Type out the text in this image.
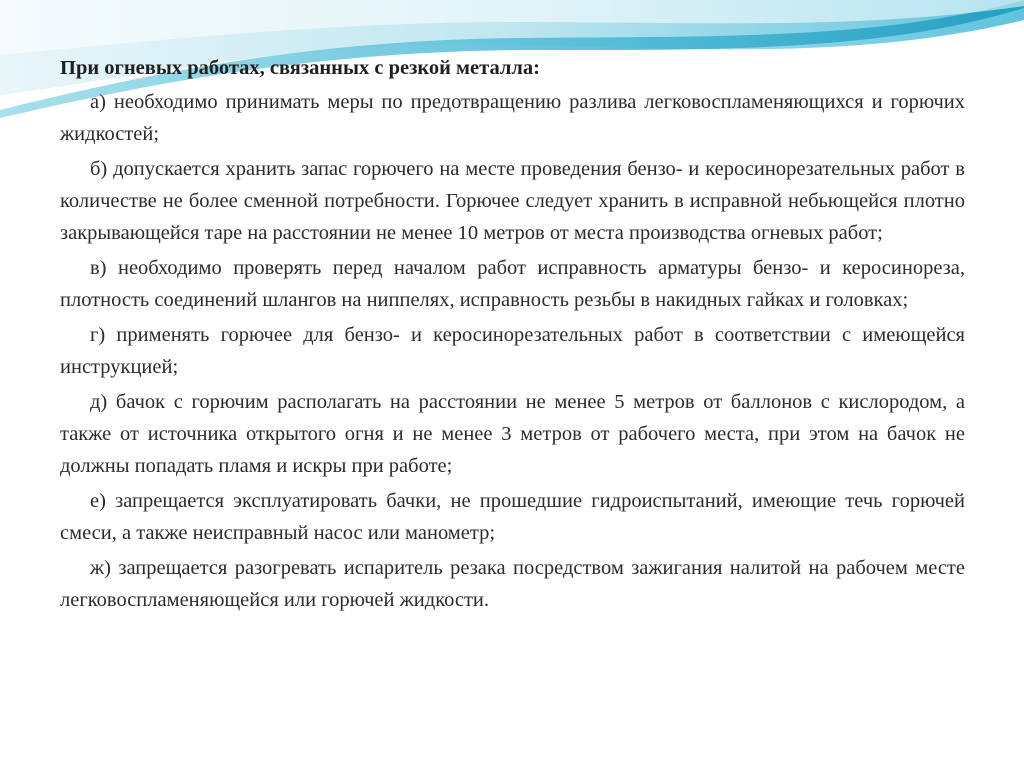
При огневых работах, связанных с резкой металла:

а) необходимо принимать меры по предотвращению разлива легковоспламеняющихся и горючих жидкостей;

б) допускается хранить запас горючего на месте проведения бензо- и керосинорезательных работ в количестве не более сменной потребности. Горючее следует хранить в исправной небьющейся плотно закрывающейся таре на расстоянии не менее 10 метров от места производства огневых работ;

в) необходимо проверять перед началом работ исправность арматуры бензо- и керосинореза, плотность соединений шлангов на ниппелях, исправность резьбы в накидных гайках и головках;

г) применять горючее для бензо- и керосинорезательных работ в соответствии с имеющейся инструкцией;

д) бачок с горючим располагать на расстоянии не менее 5 метров от баллонов с кислородом, а также от источника открытого огня и не менее 3 метров от рабочего места, при этом на бачок не должны попадать пламя и искры при работе;

е) запрещается эксплуатировать бачки, не прошедшие гидроиспытаний, имеющие течь горючей смеси, а также неисправный насос или манометр;

ж) запрещается разогревать испаритель резака посредством зажигания налитой на рабочем месте легковоспламеняющейся или горючей жидкости.
